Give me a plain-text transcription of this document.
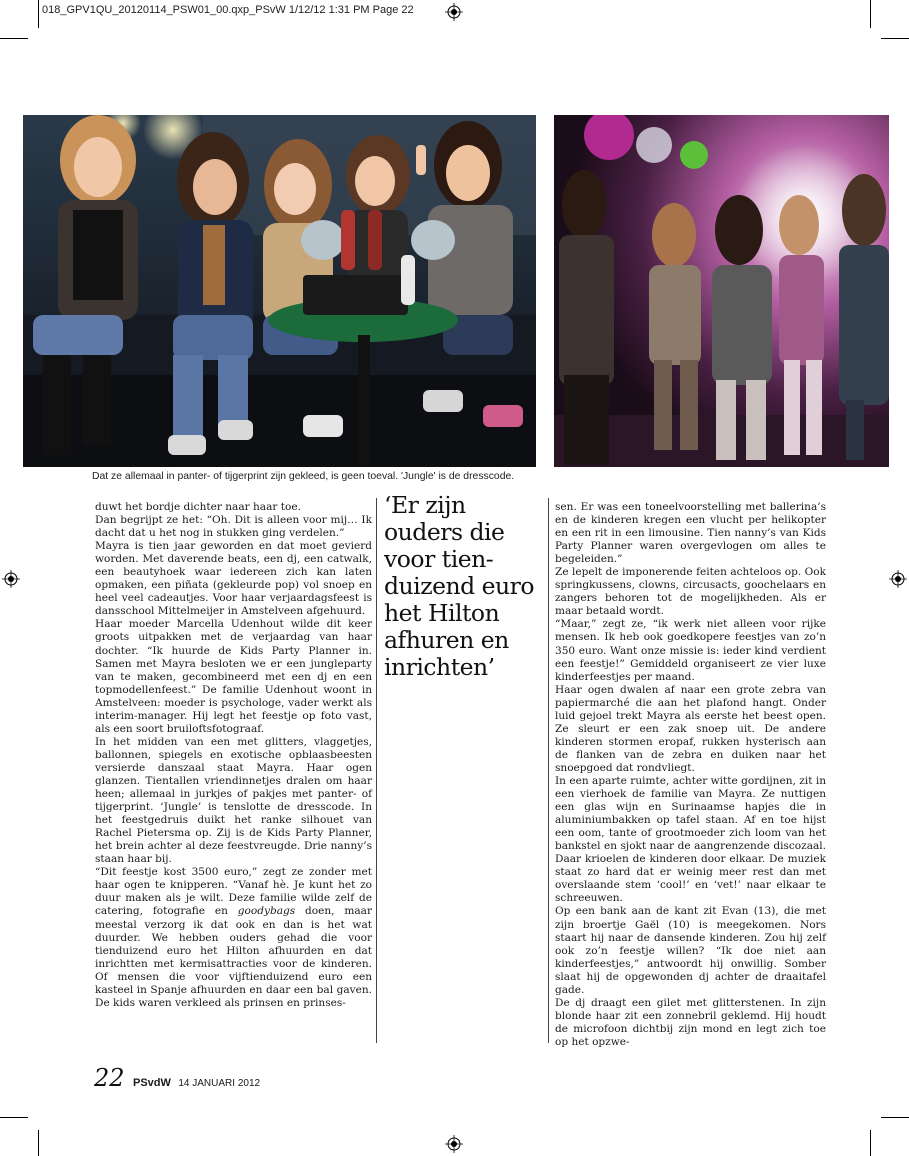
018_GPV1QU_20120114_PSW01_00.qxp_PSvW 1/12/12 1:31 PM Page 22
Dat ze allemaal in panter- of tijgerprint zijn gekleed, is geen toeval. 'Jungle' is de dresscode.

duwt het bordje dichter naar haar toe.

Dan begrijpt ze het: “Oh. Dit is alleen voor mij… Ik dacht dat u het nog in stukken ging verdelen.”

Mayra is tien jaar geworden en dat moet gevierd worden. Met daverende beats, een dj, een catwalk, een beautyhoek waar iedereen zich kan laten opmaken, een piñata (gekleurde pop) vol snoep en heel veel cadeautjes. Voor haar verjaardagsfeest is dansschool Mittelmeijer in Amstelveen afgehuurd.

Haar moeder Marcella Udenhout wilde dit keer groots uitpakken met de verjaardag van haar dochter. “Ik huurde de Kids Party Planner in. Samen met Mayra besloten we er een jungleparty van te maken, gecombineerd met een dj en een topmodellenfeest.” De familie Udenhout woont in Amstelveen: moeder is psychologe, vader werkt als interim-manager. Hij legt het feestje op foto vast, als een soort bruiloftsfotograaf.

In het midden van een met glitters, vlaggetjes, ballonnen, spiegels en exotische opblaasbeesten versierde danszaal staat Mayra. Haar ogen glanzen. Tientallen vriendinnetjes dralen om haar heen; allemaal in jurkjes of pakjes met panter- of tijgerprint. ‘Jungle’ is tenslotte de dresscode. In het feestgedruis duikt het ranke silhouet van Rachel Pietersma op. Zij is de Kids Party Planner, het brein achter al deze feestvreugde. Drie nanny’s staan haar bij.

“Dit feestje kost 3500 euro,” zegt ze zonder met haar ogen te knipperen. “Vanaf hè. Je kunt het zo duur maken als je wilt. Deze familie wilde zelf de catering, fotografie en goodybags doen, maar meestal verzorg ik dat ook en dan is het wat duurder. We hebben ouders gehad die voor tienduizend euro het Hilton afhuurden en dat inrichtten met kermisattracties voor de kinderen. Of mensen die voor vijftienduizend euro een kasteel in Spanje afhuurden en daar een bal gaven. De kids waren verkleed als prinsen en prinses-

‘Er zijn ouders die voor tien-duizend euro het Hilton afhuren en inrichten’

sen. Er was een toneelvoorstelling met ballerina’s en de kinderen kregen een vlucht per helikopter en een rit in een limousine. Tien nanny’s van Kids Party Planner waren overgevlogen om alles te begeleiden.”

Ze lepelt de imponerende feiten achteloos op. Ook springkussens, clowns, circusacts, goochelaars en zangers behoren tot de mogelijkheden. Als er maar betaald wordt.

“Maar,” zegt ze, “ik werk niet alleen voor rijke mensen. Ik heb ook goedkopere feestjes van zo’n 350 euro. Want onze missie is: ieder kind verdient een feestje!” Gemiddeld organiseert ze vier luxe kinderfeestjes per maand.

Haar ogen dwalen af naar een grote zebra van papiermarché die aan het plafond hangt. Onder luid gejoel trekt Mayra als eerste het beest open. Ze sleurt er een zak snoep uit. De andere kinderen stormen eropaf, rukken hysterisch aan de flanken van de zebra en duiken naar het snoepgoed dat rondvliegt.

In een aparte ruimte, achter witte gordijnen, zit in een vierhoek de familie van Mayra. Ze nuttigen een glas wijn en Surinaamse hapjes die in aluminiumbakken op tafel staan. Af en toe hijst een oom, tante of grootmoeder zich loom van het bankstel en sjokt naar de aangrenzende discozaal. Daar krioelen de kinderen door elkaar. De muziek staat zo hard dat er weinig meer rest dan met overslaande stem ‘cool!’ en ‘vet!’ naar elkaar te schreeuwen.

Op een bank aan de kant zit Evan (13), die met zijn broertje Gaël (10) is meegekomen. Nors staart hij naar de dansende kinderen. Zou hij zelf ook zo’n feestje willen? “Ik doe niet aan kinderfeestjes,” antwoordt hij onwillig. Somber slaat hij de opgewonden dj achter de draaitafel gade.

De dj draagt een gilet met glitterstenen. In zijn blonde haar zit een zonnebril geklemd. Hij houdt de microfoon dichtbij zijn mond en legt zich toe op het opzwe-

22 PSvdW 14 JANUARI 2012
